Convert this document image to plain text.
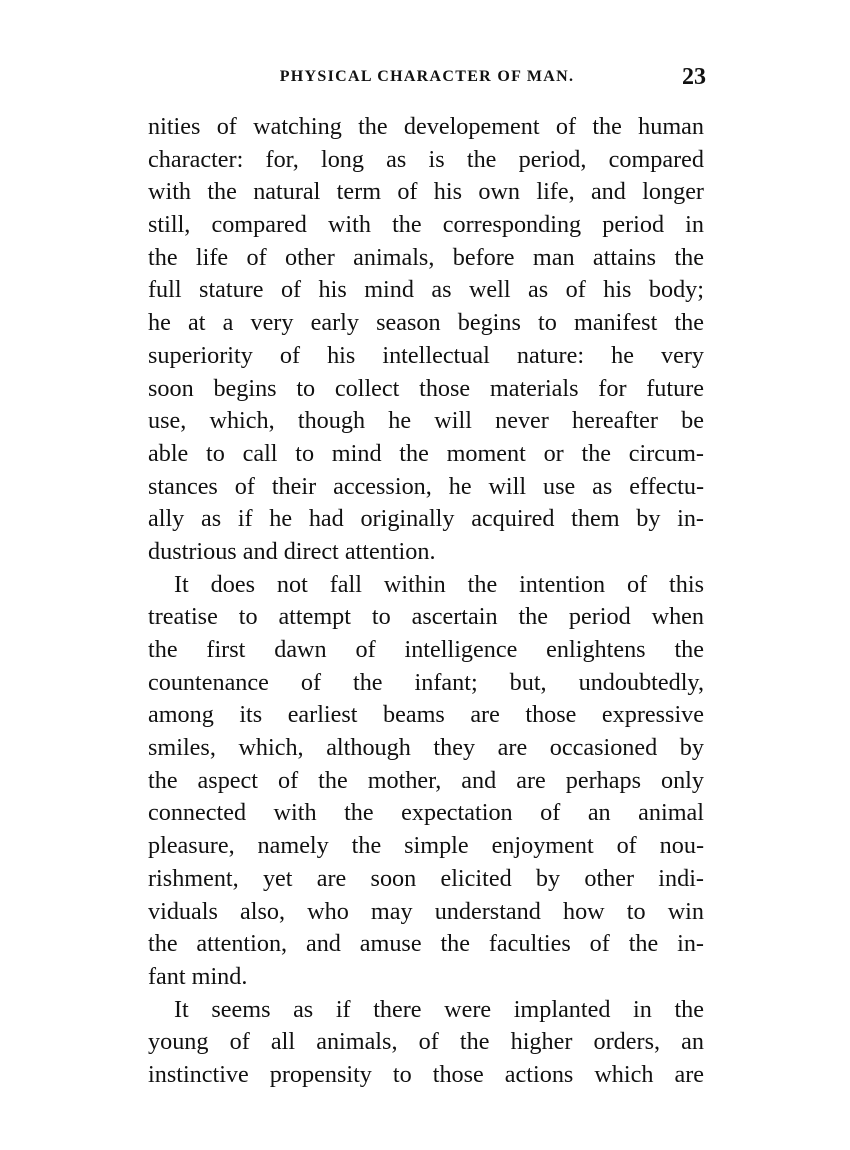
PHYSICAL CHARACTER OF MAN.	23
nities of watching the developement of the human
character: for, long as is the period, compared
with the natural term of his own life, and longer
still, compared with the corresponding period in
the life of other animals, before man attains the
full stature of his mind as well as of his body;
he at a very early season begins to manifest the
superiority of his intellectual nature: he very
soon begins to collect those materials for future
use, which, though he will never hereafter be
able to call to mind the moment or the circum-
stances of their accession, he will use as effectu-
ally as if he had originally acquired them by in-
dustrious and direct attention.
It does not fall within the intention of this
treatise to attempt to ascertain the period when
the first dawn of intelligence enlightens the
countenance of the infant; but, undoubtedly,
among its earliest beams are those expressive
smiles, which, although they are occasioned by
the aspect of the mother, and are perhaps only
connected with the expectation of an animal
pleasure, namely the simple enjoyment of nou-
rishment, yet are soon elicited by other indi-
viduals also, who may understand how to win
the attention, and amuse the faculties of the in-
fant mind.
It seems as if there were implanted in the
young of all animals, of the higher orders, an
instinctive propensity to those actions which are
